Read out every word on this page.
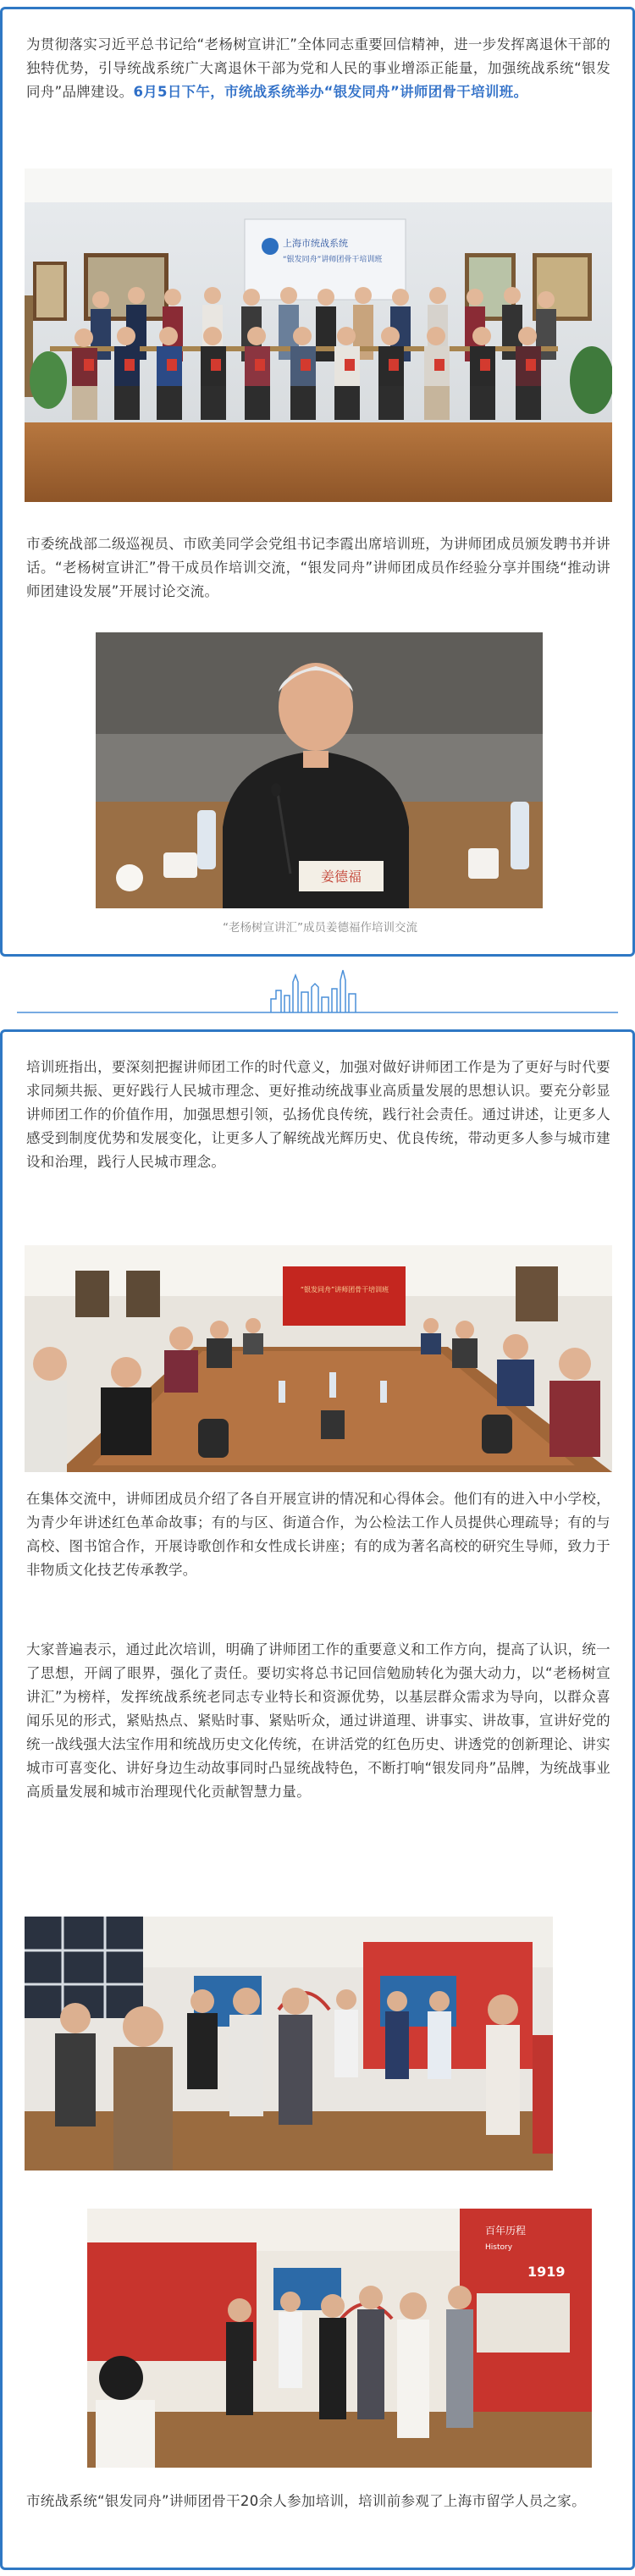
为贯彻落实习近平总书记给“老杨树宣讲汇”全体同志重要回信精神，进一步发挥离退休干部的独特优势，引导统战系统广大离退休干部为党和人民的事业增添正能量，加强统战系统“银发同舟”品牌建设。6月5日下午，市统战系统举办“银发同舟”讲师团骨干培训班。

上海市统战系统
“银发同舟”讲师团骨干培训班

市委统战部二级巡视员、市欧美同学会党组书记李霞出席培训班，为讲师团成员颁发聘书并讲话。“老杨树宣讲汇”骨干成员作培训交流，“银发同舟”讲师团成员作经验分享并围绕“推动讲师团建设发展”开展讨论交流。

姜德福
“老杨树宣讲汇”成员姜德福作培训交流

培训班指出，要深刻把握讲师团工作的时代意义，加强对做好讲师团工作是为了更好与时代要求同频共振、更好践行人民城市理念、更好推动统战事业高质量发展的思想认识。要充分彰显讲师团工作的价值作用，加强思想引领，弘扬优良传统，践行社会责任。通过讲述，让更多人感受到制度优势和发展变化，让更多人了解统战光辉历史、优良传统，带动更多人参与城市建设和治理，践行人民城市理念。

“银发同舟”讲师团骨干培训班

在集体交流中，讲师团成员介绍了各自开展宣讲的情况和心得体会。他们有的进入中小学校，为青少年讲述红色革命故事；有的与区、街道合作，为公检法工作人员提供心理疏导；有的与高校、图书馆合作，开展诗歌创作和女性成长讲座；有的成为著名高校的研究生导师，致力于非物质文化技艺传承教学。

大家普遍表示，通过此次培训，明确了讲师团工作的重要意义和工作方向，提高了认识，统一了思想，开阔了眼界，强化了责任。要切实将总书记回信勉励转化为强大动力，以“老杨树宣讲汇”为榜样，发挥统战系统老同志专业特长和资源优势，以基层群众需求为导向，以群众喜闻乐见的形式，紧贴热点、紧贴时事、紧贴听众，通过讲道理、讲事实、讲故事，宣讲好党的统一战线强大法宝作用和统战历史文化传统，在讲活党的红色历史、讲透党的创新理论、讲实城市可喜变化、讲好身边生动故事同时凸显统战特色，不断打响“银发同舟”品牌，为统战事业高质量发展和城市治理现代化贡献智慧力量。

百年历程
History
1919

市统战系统“银发同舟”讲师团骨干20余人参加培训，培训前参观了上海市留学人员之家。
